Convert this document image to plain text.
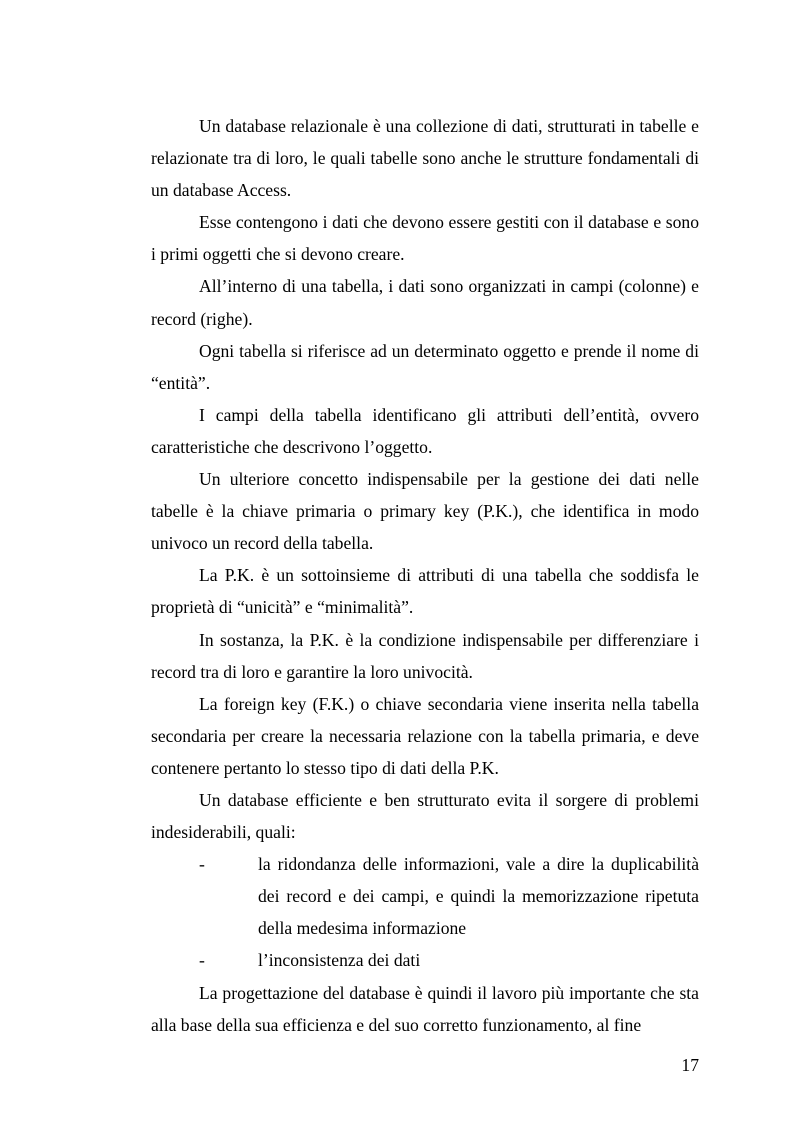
Un database relazionale è una collezione di dati, strutturati in tabelle e relazionate tra di loro, le quali tabelle sono anche le strutture fondamentali di un database Access.

Esse contengono i dati che devono essere gestiti con il database e sono i primi oggetti che si devono creare.

All’interno di una tabella, i dati sono organizzati in campi (colonne) e record (righe).

Ogni tabella si riferisce ad un determinato oggetto e prende il nome di “entità”.

I campi della tabella identificano gli attributi dell’entità, ovvero caratteristiche che descrivono l’oggetto.

Un ulteriore concetto indispensabile per la gestione dei dati nelle tabelle è la chiave primaria o primary key (P.K.), che identifica in modo univoco un record della tabella.

La P.K. è un sottoinsieme di attributi di una tabella che soddisfa le proprietà di “unicità” e “minimalità”.

In sostanza, la P.K. è la condizione indispensabile per differenziare i record tra di loro e garantire la loro univocità.

La foreign key (F.K.) o chiave secondaria viene inserita nella tabella secondaria per creare la necessaria relazione con la tabella primaria, e deve contenere pertanto lo stesso tipo di dati della P.K.

Un database efficiente e ben strutturato evita il sorgere di problemi indesiderabili, quali:

-	la ridondanza delle informazioni, vale a dire la duplicabilità dei record e dei campi, e quindi la memorizzazione ripetuta della medesima informazione
-	l’inconsistenza dei dati

La progettazione del database è quindi il lavoro più importante che sta alla base della sua efficienza e del suo corretto funzionamento, al fine

17
